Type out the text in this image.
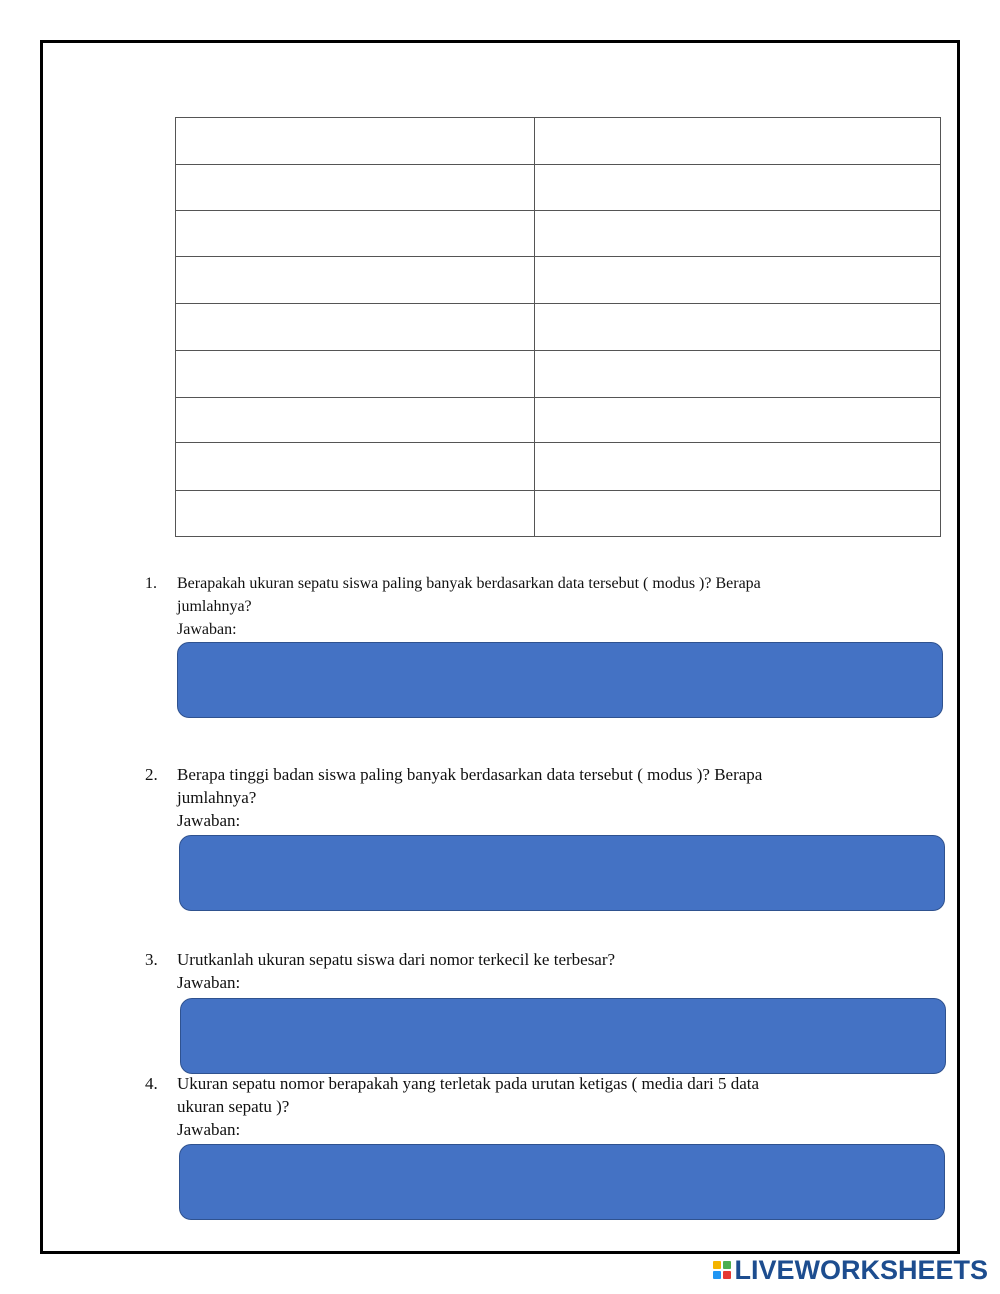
1. Berapakah ukuran sepatu siswa paling banyak berdasarkan data tersebut ( modus )? Berapa
jumlahnya?
Jawaban:
2. Berapa tinggi badan siswa paling banyak berdasarkan data tersebut ( modus )? Berapa
jumlahnya?
Jawaban:
3. Urutkanlah ukuran sepatu siswa dari nomor terkecil ke terbesar?
Jawaban:
4. Ukuran sepatu nomor berapakah yang terletak pada urutan ketigas ( media dari 5 data
ukuran sepatu )?
Jawaban:
LIVEWORKSHEETS
